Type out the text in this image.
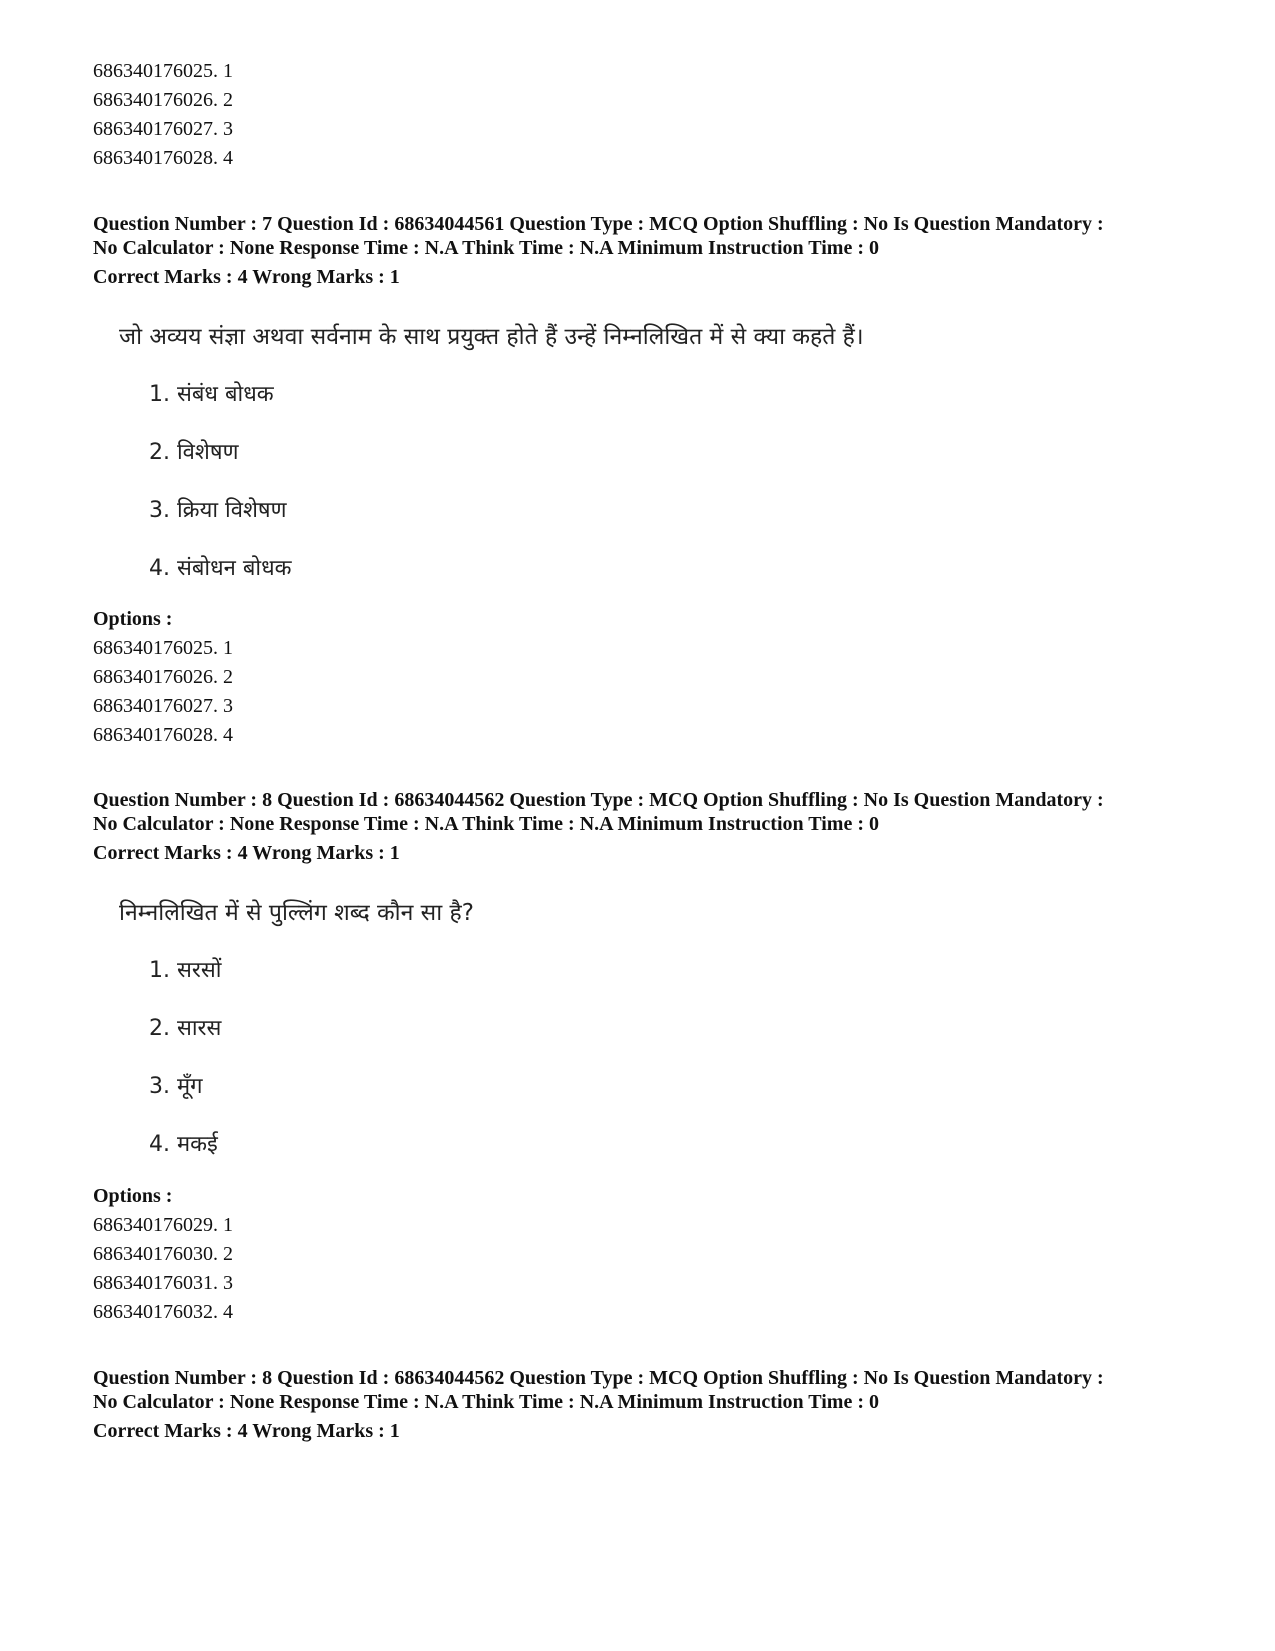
686340176025. 1
686340176026. 2
686340176027. 3
686340176028. 4
Question Number : 7 Question Id : 68634044561 Question Type : MCQ Option Shuffling : No Is Question Mandatory :
No Calculator : None Response Time : N.A Think Time : N.A Minimum Instruction Time : 0
Correct Marks : 4 Wrong Marks : 1
जो अव्यय संज्ञा अथवा सर्वनाम के साथ प्रयुक्त होते हैं उन्हें निम्नलिखित में से क्या कहते हैं।
1. संबंध बोधक
2. विशेषण
3. क्रिया विशेषण
4. संबोधन बोधक
Options :
686340176025. 1
686340176026. 2
686340176027. 3
686340176028. 4
Question Number : 8 Question Id : 68634044562 Question Type : MCQ Option Shuffling : No Is Question Mandatory :
No Calculator : None Response Time : N.A Think Time : N.A Minimum Instruction Time : 0
Correct Marks : 4 Wrong Marks : 1
निम्नलिखित में से पुल्लिंग शब्द कौन सा है?
1. सरसों
2. सारस
3. मूँग
4. मकई
Options :
686340176029. 1
686340176030. 2
686340176031. 3
686340176032. 4
Question Number : 8 Question Id : 68634044562 Question Type : MCQ Option Shuffling : No Is Question Mandatory :
No Calculator : None Response Time : N.A Think Time : N.A Minimum Instruction Time : 0
Correct Marks : 4 Wrong Marks : 1
